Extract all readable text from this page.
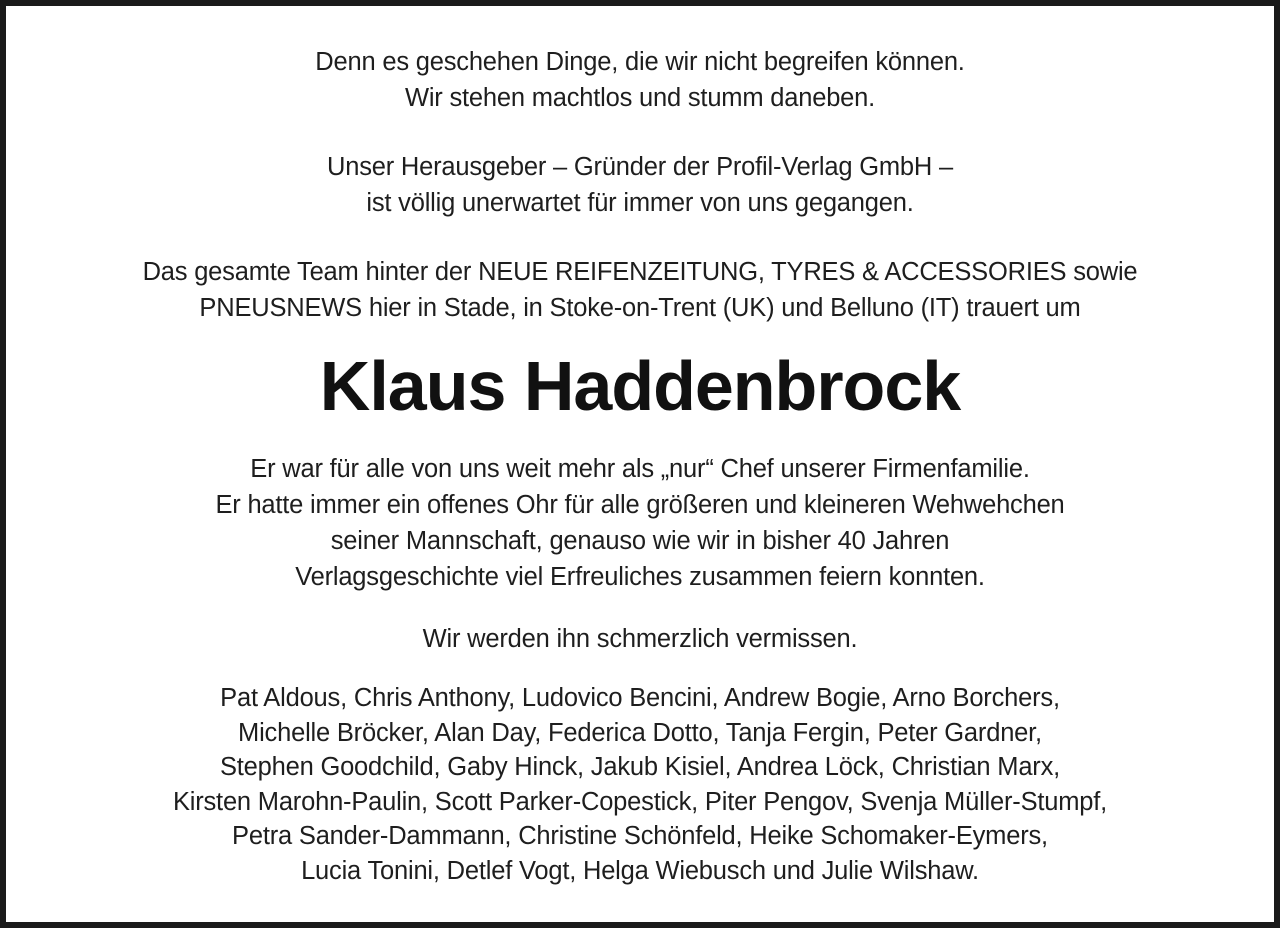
Denn es geschehen Dinge, die wir nicht begreifen können.
Wir stehen machtlos und stumm daneben.

Unser Herausgeber – Gründer der Profil-Verlag GmbH –
ist völlig unerwartet für immer von uns gegangen.

Das gesamte Team hinter der NEUE REIFENZEITUNG, TYRES & ACCESSORIES sowie
PNEUSNEWS hier in Stade, in Stoke-on-Trent (UK) und Belluno (IT) trauert um

Klaus Haddenbrock

Er war für alle von uns weit mehr als „nur“ Chef unserer Firmenfamilie.
Er hatte immer ein offenes Ohr für alle größeren und kleineren Wehwehchen
seiner Mannschaft, genauso wie wir in bisher 40 Jahren
Verlagsgeschichte viel Erfreuliches zusammen feiern konnten.

Wir werden ihn schmerzlich vermissen.

Pat Aldous, Chris Anthony, Ludovico Bencini, Andrew Bogie, Arno Borchers,
Michelle Bröcker, Alan Day, Federica Dotto, Tanja Fergin, Peter Gardner,
Stephen Goodchild, Gaby Hinck, Jakub Kisiel, Andrea Löck, Christian Marx,
Kirsten Marohn-Paulin, Scott Parker-Copestick, Piter Pengov, Svenja Müller-Stumpf,
Petra Sander-Dammann, Christine Schönfeld, Heike Schomaker-Eymers,
Lucia Tonini, Detlef Vogt, Helga Wiebusch und Julie Wilshaw.
